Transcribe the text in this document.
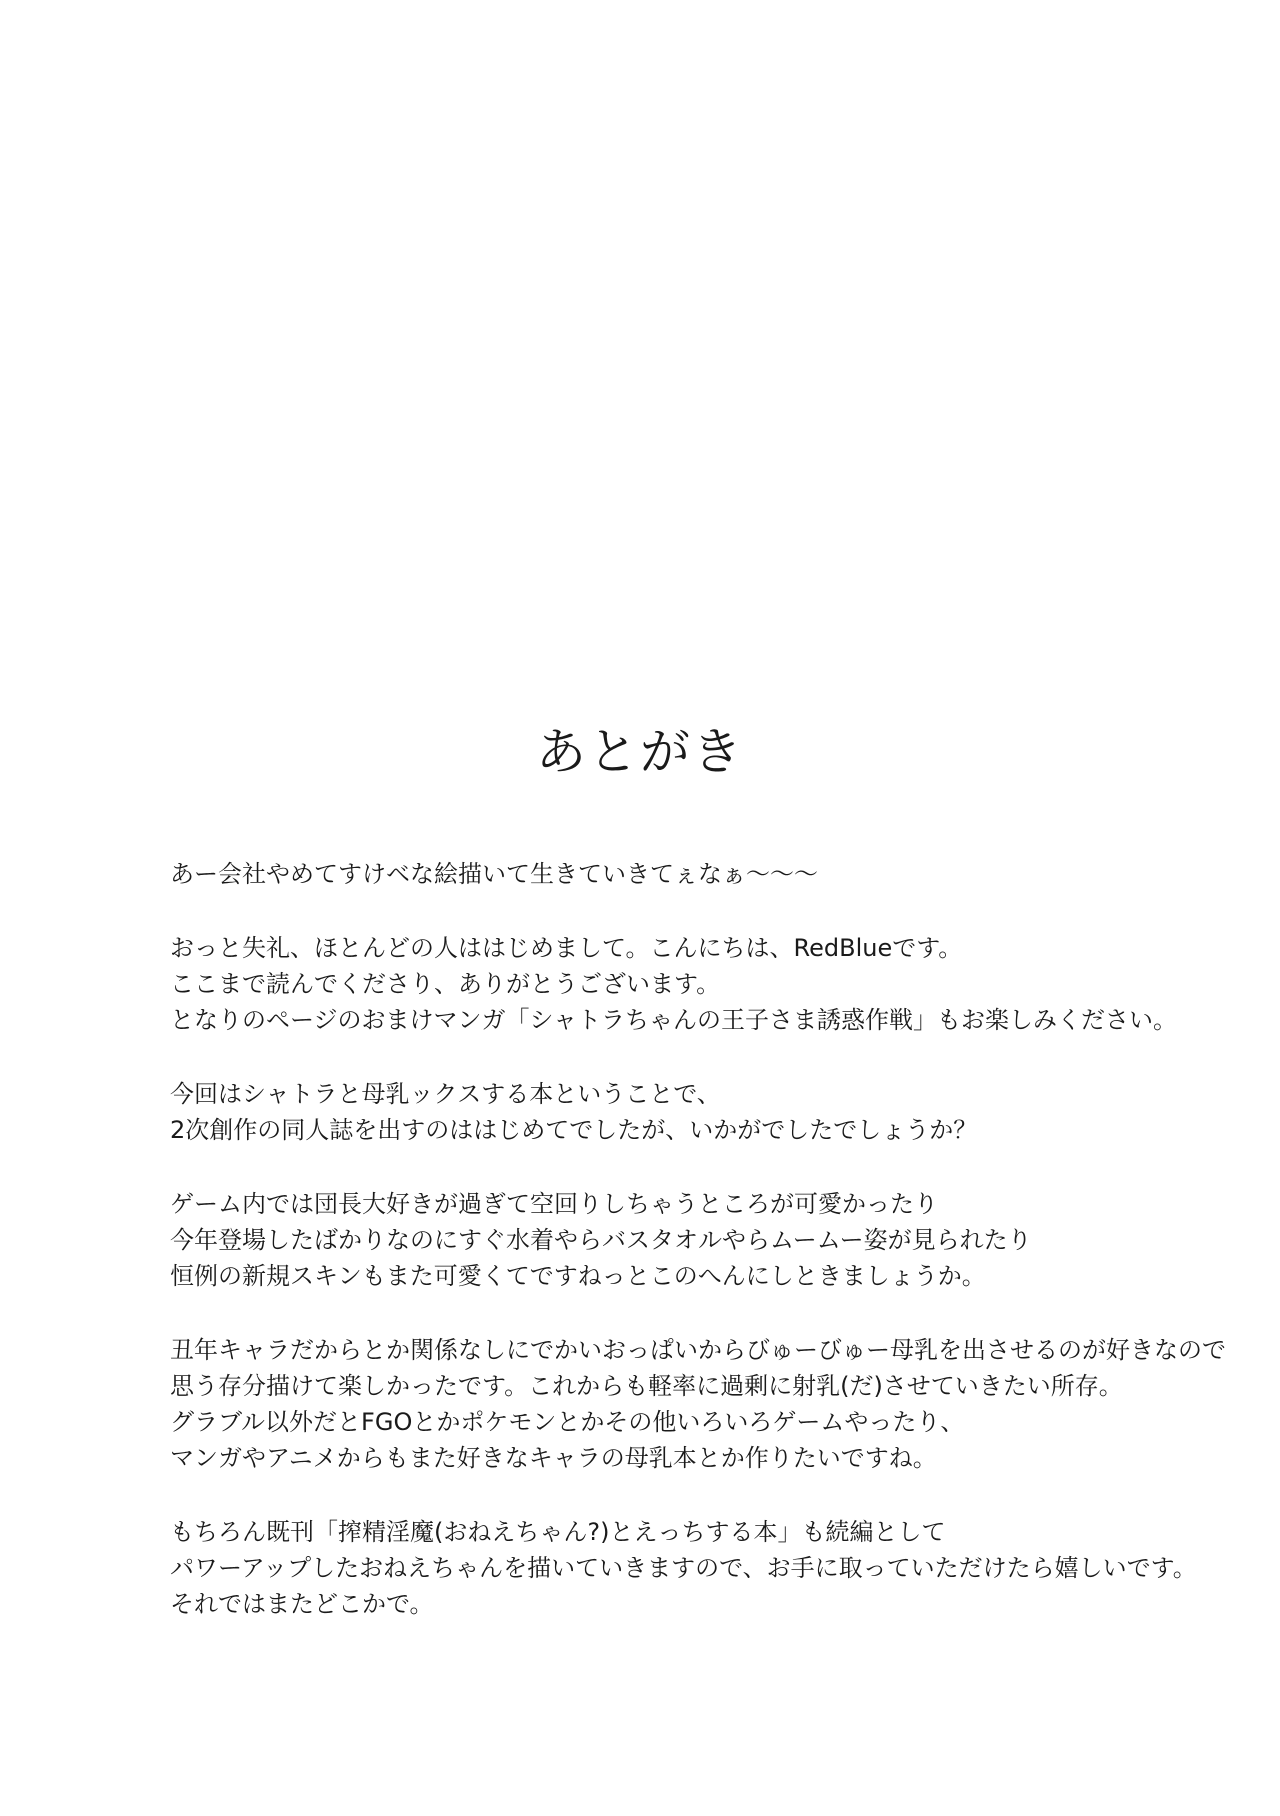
あとがき
あー会社やめてすけベな絵描いて生きていきてぇなぁ～～～
おっと失礼、ほとんどの人ははじめまして。こんにちは、RedBlueです。
ここまで読んでくださり、ありがとうございます。
となりのページのおまけマンガ「シャトラちゃんの王子さま誘惑作戦」もお楽しみください。
今回はシャトラと母乳ックスする本ということで、
2次創作の同人誌を出すのははじめてでしたが、いかがでしたでしょうか？
ゲーム内では団長大好きが過ぎて空回りしちゃうところが可愛かったり
今年登場したばかりなのにすぐ水着やらバスタオルやらムームー姿が見られたり
恒例の新規スキンもまた可愛くてですねっとこのへんにしときましょうか。
丑年キャラだからとか関係なしにでかいおっぱいからびゅーびゅー母乳を出させるのが好きなので
思う存分描けて楽しかったです。これからも軽率に過剰に射乳(だ)させていきたい所存。
グラブル以外だとFGOとかポケモンとかその他いろいろゲームやったり、
マンガやアニメからもまた好きなキャラの母乳本とか作りたいですね。
もちろん既刊「搾精淫魔(おねえちゃん?)とえっちする本」も続編として
パワーアップしたおねえちゃんを描いていきますので、お手に取っていただけたら嬉しいです。
それではまたどこかで。
